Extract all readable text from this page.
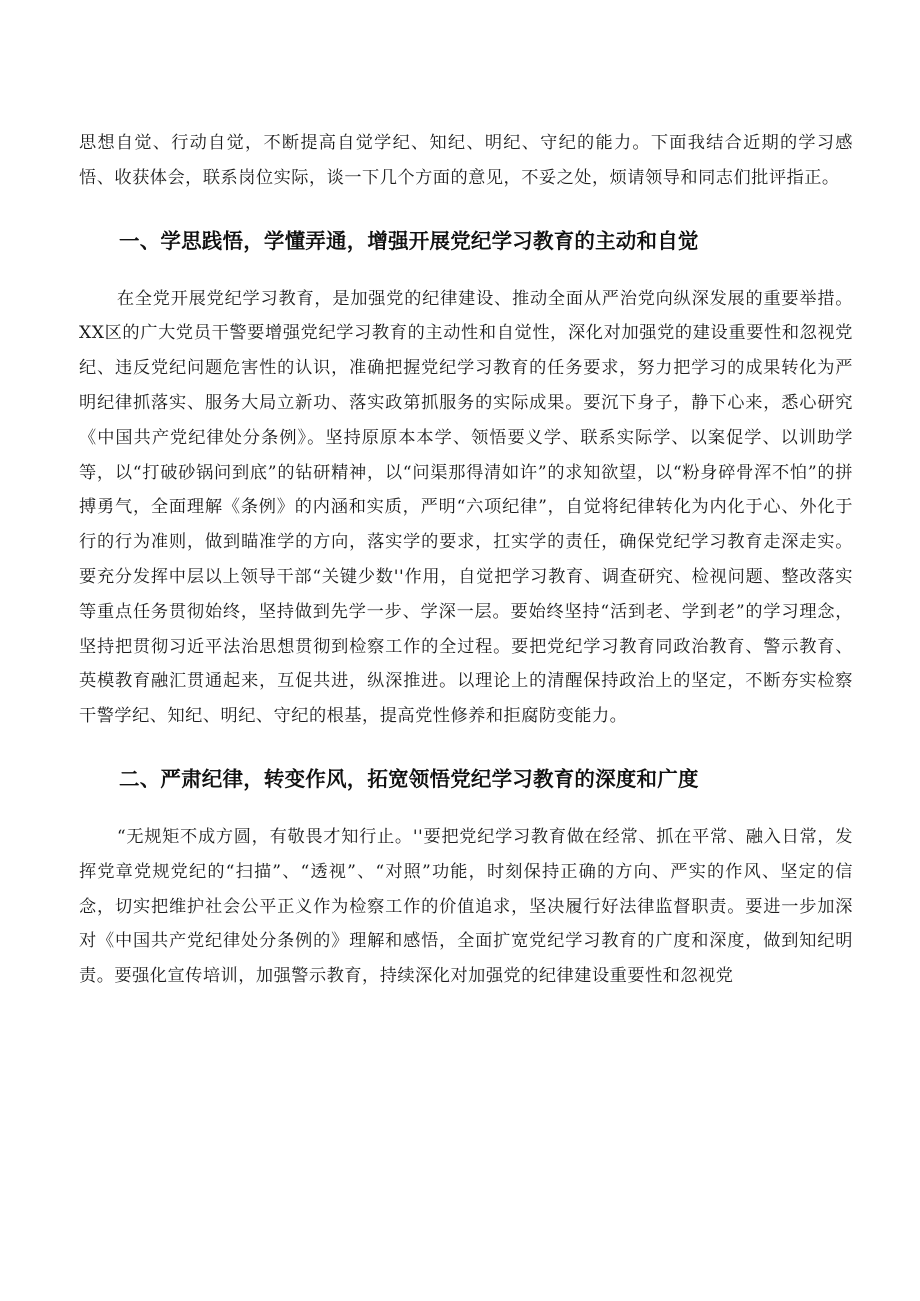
思想自觉、行动自觉，不断提高自觉学纪、知纪、明纪、守纪的能力。下面我结合近期的学习感悟、收获体会，联系岗位实际，谈一下几个方面的意见，不妥之处，烦请领导和同志们批评指正。

一、学思践悟，学懂弄通，增强开展党纪学习教育的主动和自觉

在全党开展党纪学习教育，是加强党的纪律建设、推动全面从严治党向纵深发展的重要举措。XX区的广大党员干警要增强党纪学习教育的主动性和自觉性，深化对加强党的建设重要性和忽视党纪、违反党纪问题危害性的认识，准确把握党纪学习教育的任务要求，努力把学习的成果转化为严明纪律抓落实、服务大局立新功、落实政第抓服务的实际成果。要沉下身子，静下心来，悉心研究《中国共产党纪律处分条例》。坚持原原本本学、领悟要义学、联系实际学、以案促学、以训助学等，以“打破砂锅问到底”的钻研精神，以“问渠那得清如许”的求知欲望，以“粉身碎骨浑不怕”的拼搏勇气，全面理解《条例》的内涵和实质，严明“六项纪律”，自觉将纪律转化为内化于心、外化于行的行为准则，做到瞄准学的方向，落实学的要求，扛实学的责任，确保党纪学习教育走深走实。要充分发挥中层以上领导干部“关键少数''作用，自觉把学习教育、调查研究、检视问题、整改落实等重点任务贯彻始终，坚持做到先学一步、学深一层。要始终坚持“活到老、学到老”的学习理念，坚持把贯彻习近平法治思想贯彻到检察工作的全过程。要把党纪学习教育同政治教育、警示教育、英模教育融汇贯通起来，互促共进，纵深推进。以理论上的清醒保持政治上的坚定，不断夯实检察干警学纪、知纪、明纪、守纪的根基，提高党性修养和拒腐防变能力。

二、严肃纪律，转变作风，拓宽领悟党纪学习教育的深度和广度

“无规矩不成方圆，有敬畏才知行止。''要把党纪学习教育做在经常、抓在平常、融入日常，发挥党章党规党纪的“扫描”、“透视”、“对照”功能，时刻保持正确的方向、严实的作风、坚定的信念，切实把维护社会公平正义作为检察工作的价值追求，坚决履行好法律监督职责。要进一步加深对《中国共产党纪律处分条例的》理解和感悟，全面扩宽党纪学习教育的广度和深度，做到知纪明责。要强化宣传培训，加强警示教育，持续深化对加强党的纪律建设重要性和忽视党
